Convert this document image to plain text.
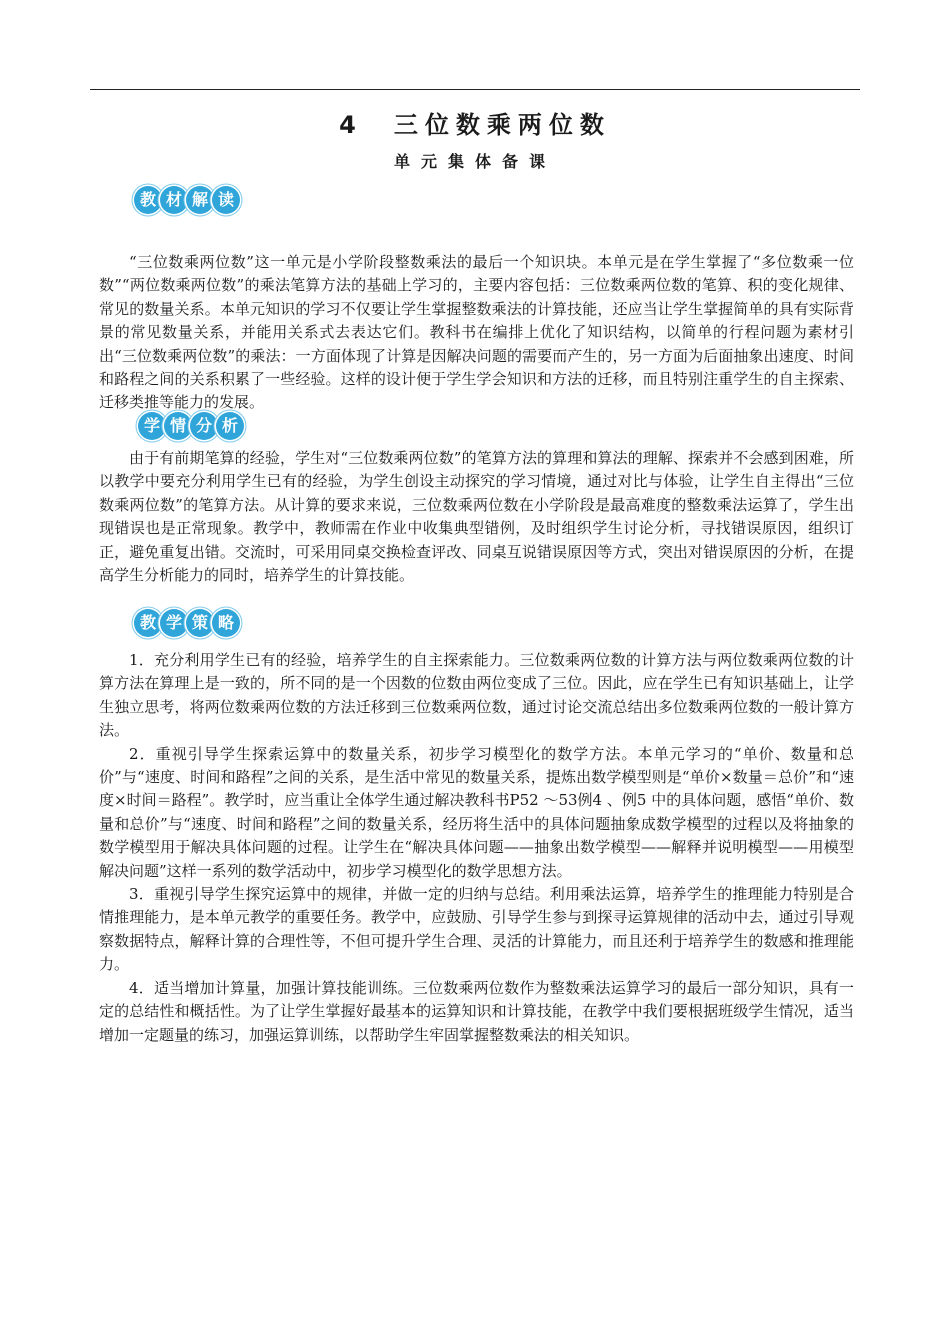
4　三位数乘两位数
单元集体备课
教 材 解 读

“三位数乘两位数”这一单元是小学阶段整数乘法的最后一个知识块。本单元是在学生掌握了“多位数乘一位数”“两位数乘两位数”的乘法笔算方法的基础上学习的，主要内容包括：三位数乘两位数的笔算、积的变化规律、常见的数量关系。本单元知识的学习不仅要让学生掌握整数乘法的计算技能，还应当让学生掌握简单的具有实际背景的常见数量关系，并能用关系式去表达它们。教科书在编排上优化了知识结构，以简单的行程问题为素材引出“三位数乘两位数”的乘法：一方面体现了计算是因解决问题的需要而产生的，另一方面为后面抽象出速度、时间和路程之间的关系积累了一些经验。这样的设计便于学生学会知识和方法的迁移，而且特别注重学生的自主探索、迁移类推等能力的发展。

学 情 分 析

由于有前期笔算的经验，学生对“三位数乘两位数”的笔算方法的算理和算法的理解、探索并不会感到困难，所以教学中要充分利用学生已有的经验，为学生创设主动探究的学习情境，通过对比与体验，让学生自主得出“三位数乘两位数”的笔算方法。从计算的要求来说，三位数乘两位数在小学阶段是最高难度的整数乘法运算了，学生出现错误也是正常现象。教学中，教师需在作业中收集典型错例，及时组织学生讨论分析，寻找错误原因，组织订正，避免重复出错。交流时，可采用同桌交换检查评改、同桌互说错误原因等方式，突出对错误原因的分析，在提高学生分析能力的同时，培养学生的计算技能。

教 学 策 略

1．充分利用学生已有的经验，培养学生的自主探索能力。三位数乘两位数的计算方法与两位数乘两位数的计算方法在算理上是一致的，所不同的是一个因数的位数由两位变成了三位。因此，应在学生已有知识基础上，让学生独立思考，将两位数乘两位数的方法迁移到三位数乘两位数，通过讨论交流总结出多位数乘两位数的一般计算方法。

2．重视引导学生探索运算中的数量关系，初步学习模型化的数学方法。本单元学习的“单价、数量和总价”与“速度、时间和路程”之间的关系，是生活中常见的数量关系，提炼出数学模型则是“单价×数量＝总价”和“速度×时间＝路程”。教学时，应当重让全体学生通过解决教科书P52 ～53例4 、例5 中的具体问题，感悟“单价、数量和总价”与“速度、时间和路程”之间的数量关系，经历将生活中的具体问题抽象成数学模型的过程以及将抽象的数学模型用于解决具体问题的过程。让学生在“解决具体问题——抽象出数学模型——解释并说明模型——用模型解决问题”这样一系列的数学活动中，初步学习模型化的数学思想方法。

3．重视引导学生探究运算中的规律，并做一定的归纳与总结。利用乘法运算，培养学生的推理能力特别是合情推理能力，是本单元教学的重要任务。教学中，应鼓励、引导学生参与到探寻运算规律的活动中去，通过引导观察数据特点，解释计算的合理性等，不但可提升学生合理、灵活的计算能力，而且还利于培养学生的数感和推理能力。

4．适当增加计算量，加强计算技能训练。三位数乘两位数作为整数乘法运算学习的最后一部分知识，具有一定的总结性和概括性。为了让学生掌握好最基本的运算知识和计算技能，在教学中我们要根据班级学生情况，适当增加一定题量的练习，加强运算训练，以帮助学生牢固掌握整数乘法的相关知识。
